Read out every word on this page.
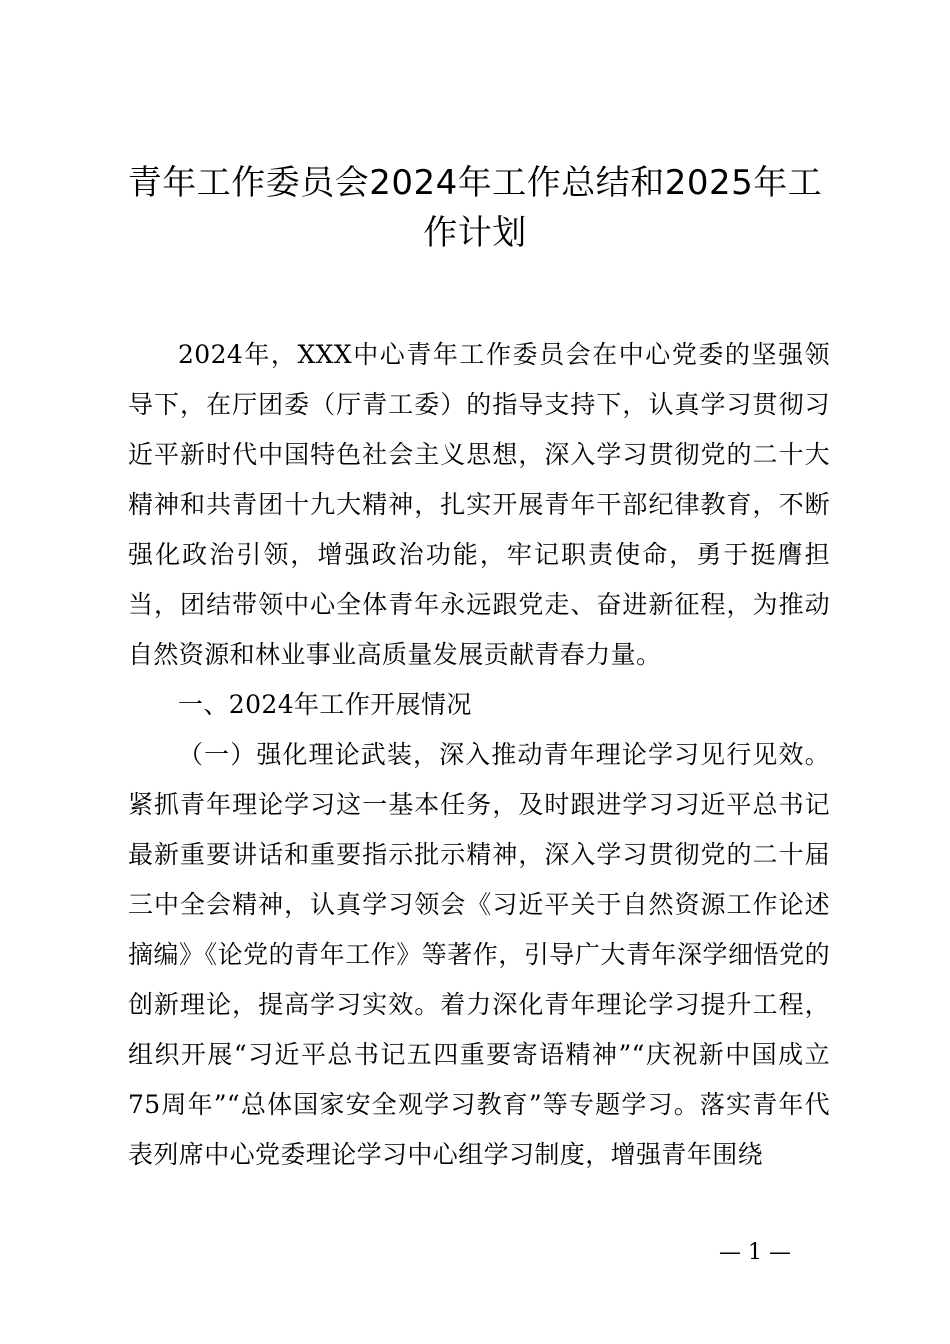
青年工作委员会2024年工作总结和2025年工作计划

2024年，XXX中心青年工作委员会在中心党委的坚强领导下，在厅团委（厅青工委）的指导支持下，认真学习贯彻习近平新时代中国特色社会主义思想，深入学习贯彻党的二十大精神和共青团十九大精神，扎实开展青年干部纪律教育，不断强化政治引领，增强政治功能，牢记职责使命，勇于挺膺担当，团结带领中心全体青年永远跟党走、奋进新征程，为推动自然资源和林业事业高质量发展贡献青春力量。

一、2024年工作开展情况

（一）强化理论武装，深入推动青年理论学习见行见效。紧抓青年理论学习这一基本任务，及时跟进学习习近平总书记最新重要讲话和重要指示批示精神，深入学习贯彻党的二十届三中全会精神，认真学习领会《习近平关于自然资源工作论述摘编》《论党的青年工作》等著作，引导广大青年深学细悟党的创新理论，提高学习实效。着力深化青年理论学习提升工程，组织开展“习近平总书记五四重要寄语精神”“庆祝新中国成立75周年”“总体国家安全观学习教育”等专题学习。落实青年代表列席中心党委理论学习中心组学习制度，增强青年围绕

— 1 —
